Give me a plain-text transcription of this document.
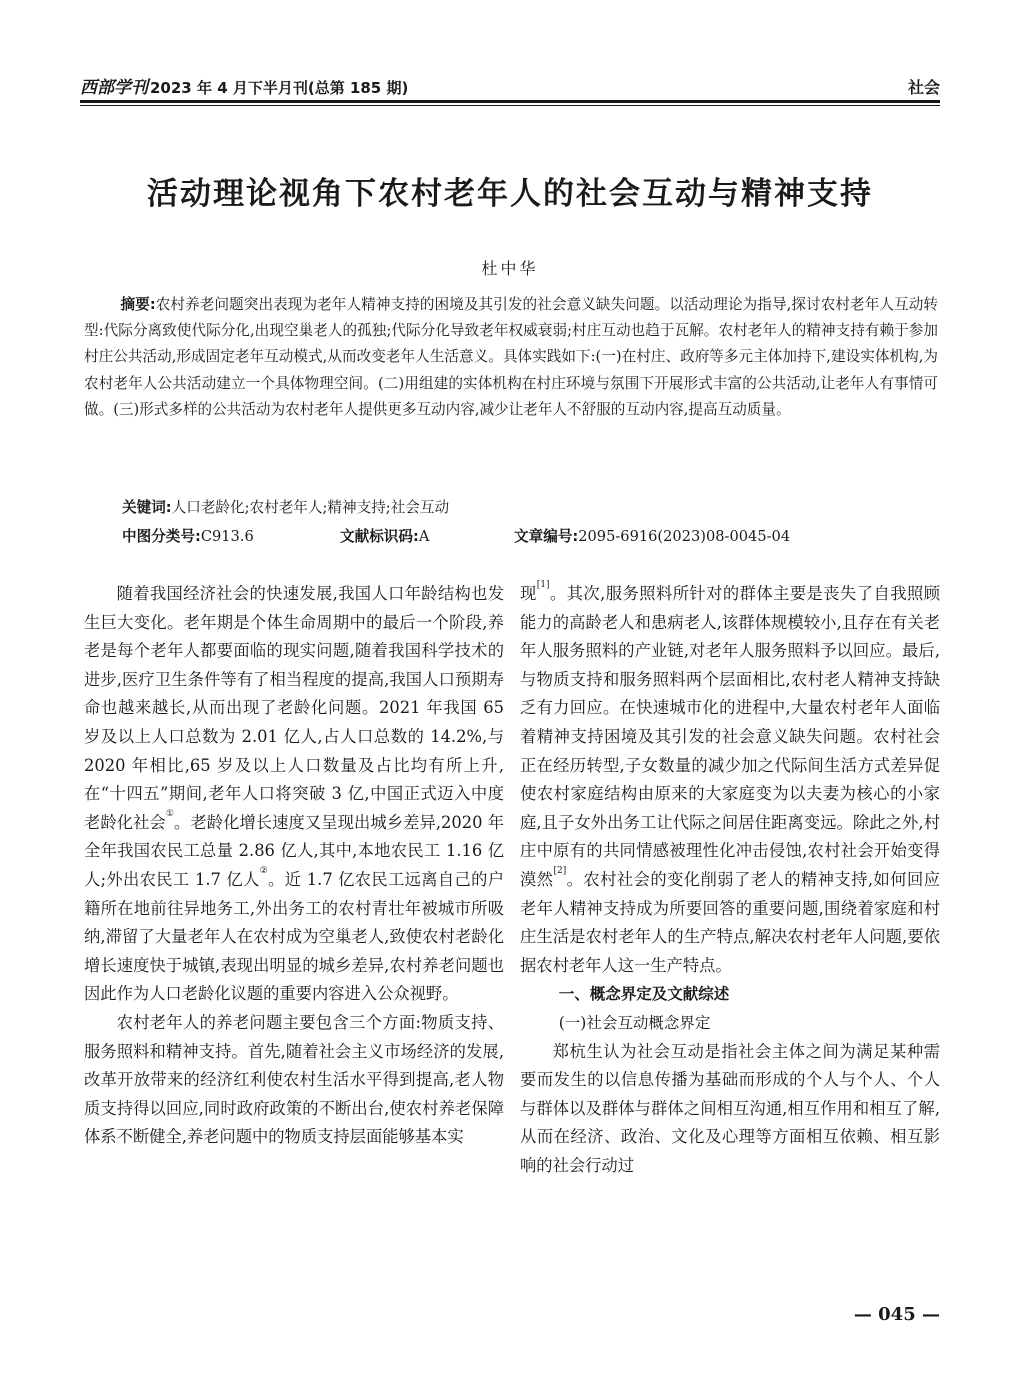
西部学刊 2023 年 4 月下半月刊(总第 185 期)	社会
活动理论视角下农村老年人的社会互动与精神支持
杜中华

摘要:农村养老问题突出表现为老年人精神支持的困境及其引发的社会意义缺失问题。以活动理论为指导,探讨农村老年人互动转型:代际分离致使代际分化,出现空巢老人的孤独;代际分化导致老年权威衰弱;村庄互动也趋于瓦解。农村老年人的精神支持有赖于参加村庄公共活动,形成固定老年互动模式,从而改变老年人生活意义。具体实践如下:(一)在村庄、政府等多元主体加持下,建设实体机构,为农村老年人公共活动建立一个具体物理空间。(二)用组建的实体机构在村庄环境与氛围下开展形式丰富的公共活动,让老年人有事情可做。(三)形式多样的公共活动为农村老年人提供更多互动内容,减少让老年人不舒服的互动内容,提高互动质量。

关键词:人口老龄化;农村老年人;精神支持;社会互动
中图分类号:C913.6	文献标识码:A	文章编号:2095-6916(2023)08-0045-04

随着我国经济社会的快速发展,我国人口年龄结构也发生巨大变化。老年期是个体生命周期中的最后一个阶段,养老是每个老年人都要面临的现实问题,随着我国科学技术的进步,医疗卫生条件等有了相当程度的提高,我国人口预期寿命也越来越长,从而出现了老龄化问题。2021 年我国 65 岁及以上人口总数为 2.01 亿人,占人口总数的 14.2%,与 2020 年相比,65 岁及以上人口数量及占比均有所上升,在“十四五”期间,老年人口将突破 3 亿,中国正式迈入中度老龄化社会①。老龄化增长速度又呈现出城乡差异,2020 年全年我国农民工总量 2.86 亿人,其中,本地农民工 1.16 亿人;外出农民工 1.7 亿人②。近 1.7 亿农民工远离自己的户籍所在地前往异地务工,外出务工的农村青壮年被城市所吸纳,滞留了大量老年人在农村成为空巢老人,致使农村老龄化增长速度快于城镇,表现出明显的城乡差异,农村养老问题也因此作为人口老龄化议题的重要内容进入公众视野。

农村老年人的养老问题主要包含三个方面:物质支持、服务照料和精神支持。首先,随着社会主义市场经济的发展,改革开放带来的经济红利使农村生活水平得到提高,老人物质支持得以回应,同时政府政策的不断出台,使农村养老保障体系不断健全,养老问题中的物质支持层面能够基本实

现[1]。其次,服务照料所针对的群体主要是丧失了自我照顾能力的高龄老人和患病老人,该群体规模较小,且存在有关老年人服务照料的产业链,对老年人服务照料予以回应。最后,与物质支持和服务照料两个层面相比,农村老人精神支持缺乏有力回应。在快速城市化的进程中,大量农村老年人面临着精神支持困境及其引发的社会意义缺失问题。农村社会正在经历转型,子女数量的减少加之代际间生活方式差异促使农村家庭结构由原来的大家庭变为以夫妻为核心的小家庭,且子女外出务工让代际之间居住距离变远。除此之外,村庄中原有的共同情感被理性化冲击侵蚀,农村社会开始变得漠然[2]。农村社会的变化削弱了老人的精神支持,如何回应老年人精神支持成为所要回答的重要问题,围绕着家庭和村庄生活是农村老年人的生产特点,解决农村老年人问题,要依据农村老年人这一生产特点。

一、概念界定及文献综述

(一)社会互动概念界定

郑杭生认为社会互动是指社会主体之间为满足某种需要而发生的以信息传播为基础而形成的个人与个人、个人与群体以及群体与群体之间相互沟通,相互作用和相互了解,从而在经济、政治、文化及心理等方面相互依赖、相互影响的社会行动过

— 045 —
